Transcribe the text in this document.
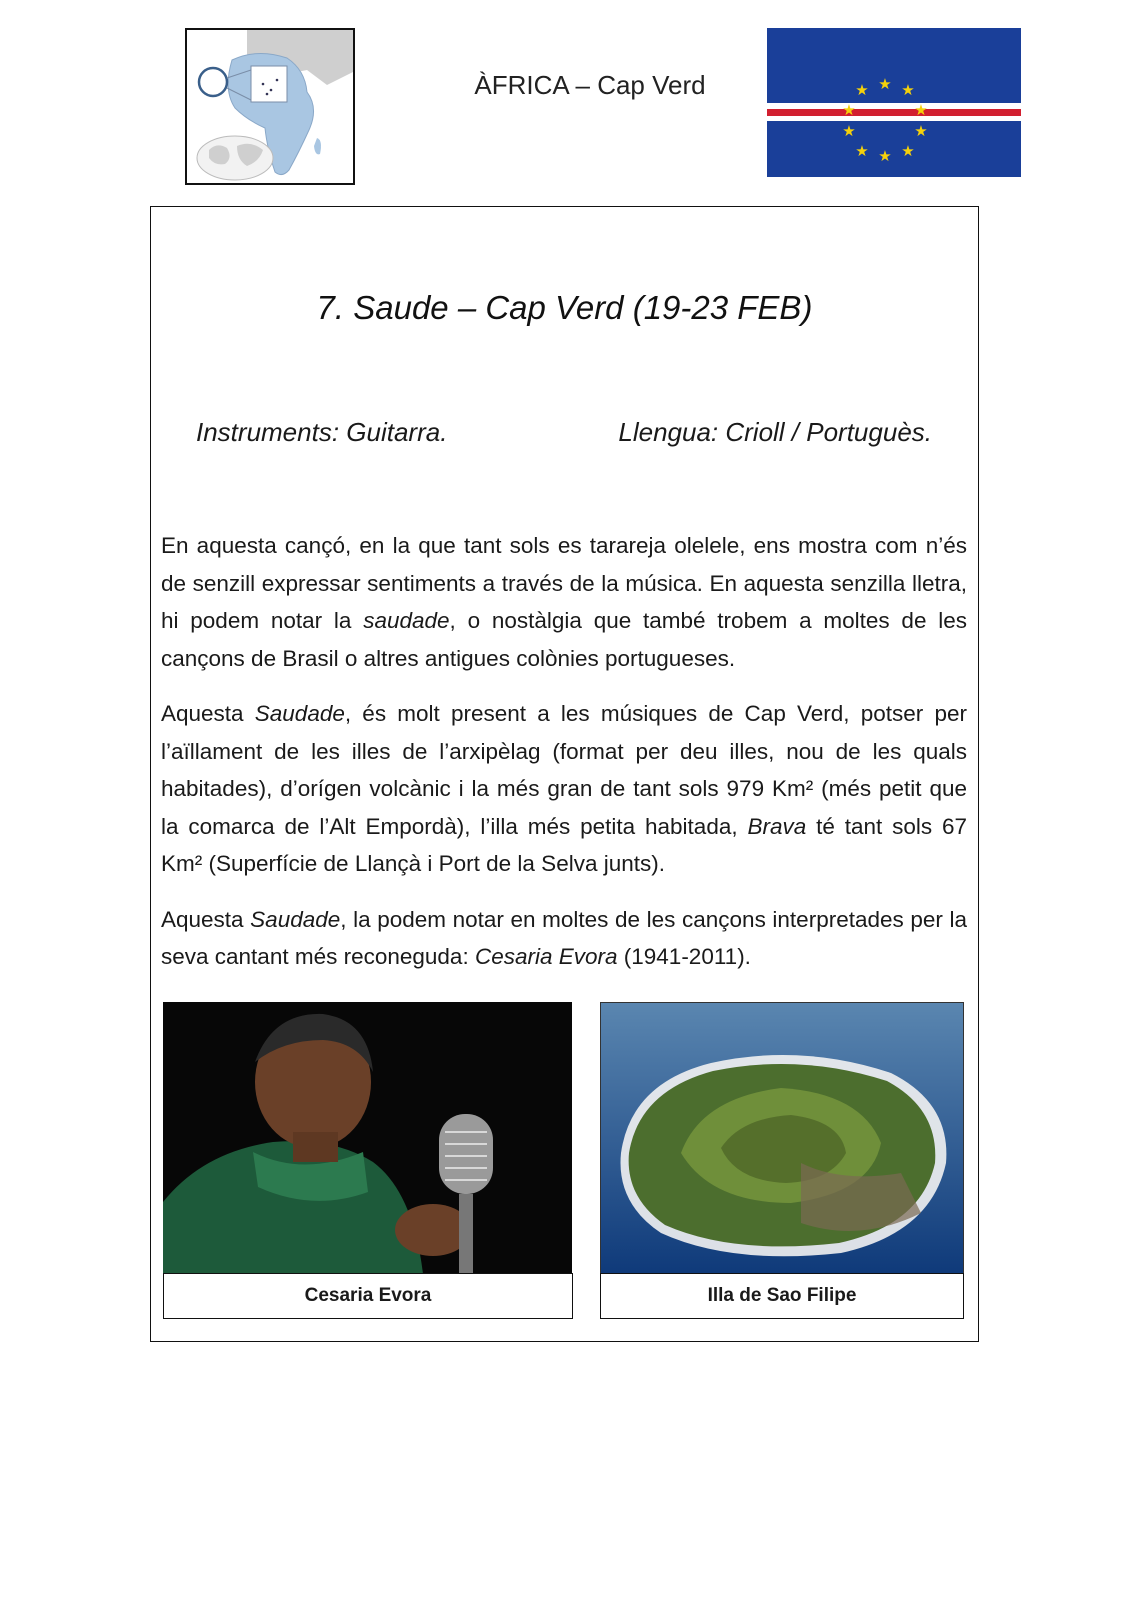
ÀFRICA – Cap Verd	★ ★ ★
★	★
★	★
★ ★ ★
7. Saude – Cap Verd (19-23 FEB)
Instruments: Guitarra.	Llengua: Crioll / Portuguès.

En aquesta cançó, en la que tant sols es tarareja olelele, ens mostra com n’és de senzill expressar sentiments a través de la música. En aquesta senzilla lletra, hi podem notar la saudade, o nostàlgia que també trobem a moltes de les cançons de Brasil o altres antigues colònies portugueses.

Aquesta Saudade, és molt present a les músiques de Cap Verd, potser per l’aïllament de les illes de l’arxipèlag (format per deu illes, nou de les quals habitades), d’orígen volcànic i la més gran de tant sols 979 Km² (més petit que la comarca de l’Alt Empordà), l’illa més petita habitada, Brava té tant sols 67 Km² (Superfície de Llançà i Port de la Selva junts).

Aquesta Saudade, la podem notar en moltes de les cançons interpretades per la seva cantant més reconeguda: Cesaria Evora (1941-2011).

Cesaria Evora	Illa de Sao Filipe
